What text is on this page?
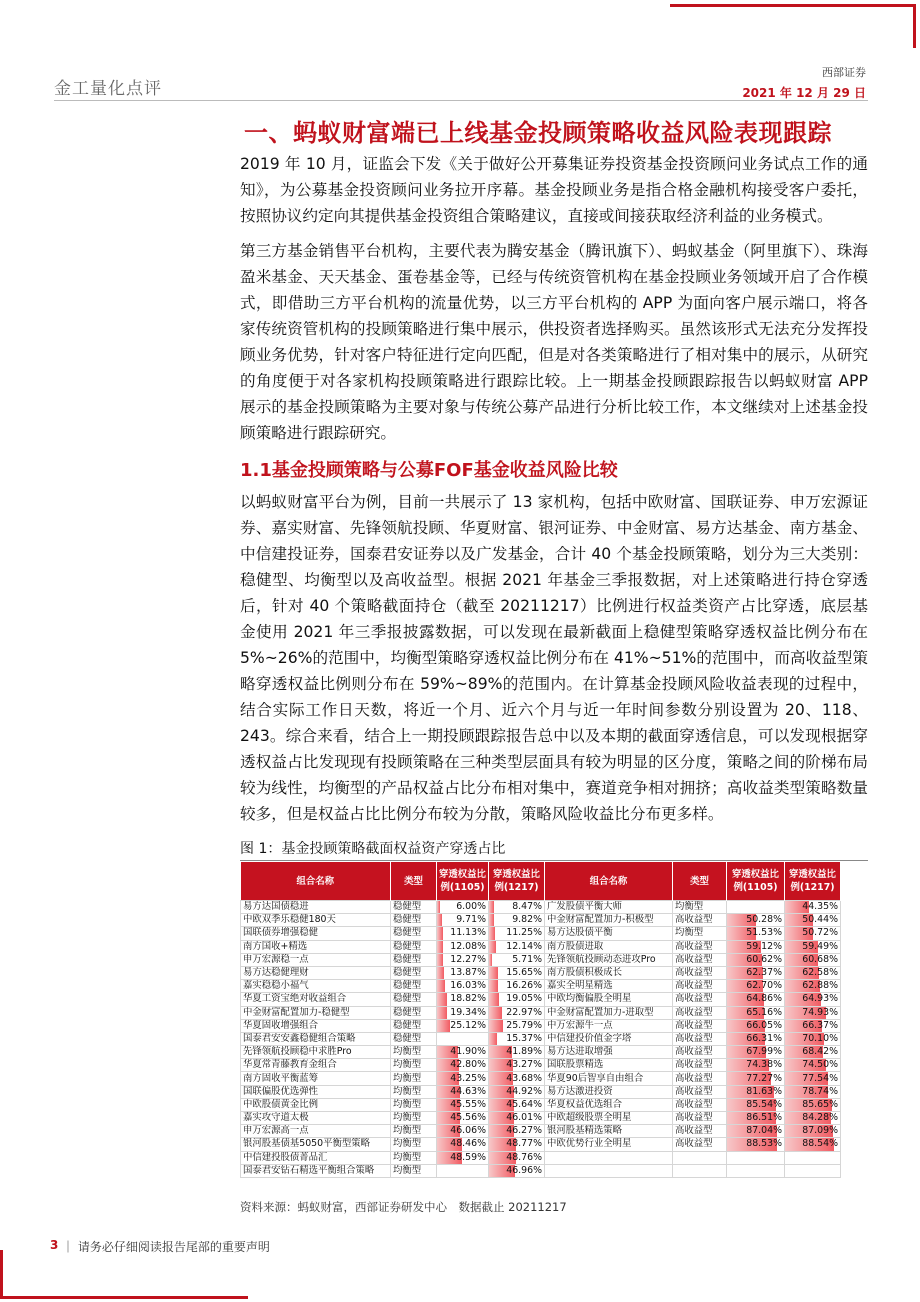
金工量化点评
西部证券
2021 年 12 月 29 日
一、蚂蚁财富端已上线基金投顾策略收益风险表现跟踪

2019 年 10 月，证监会下发《关于做好公开募集证券投资基金投资顾问业务试点工作的通知》，为公募基金投资顾问业务拉开序幕。基金投顾业务是指合格金融机构接受客户委托，按照协议约定向其提供基金投资组合策略建议，直接或间接获取经济利益的业务模式。

第三方基金销售平台机构，主要代表为腾安基金（腾讯旗下）、蚂蚁基金（阿里旗下）、珠海盈米基金、天天基金、蛋卷基金等，已经与传统资管机构在基金投顾业务领域开启了合作模式，即借助三方平台机构的流量优势，以三方平台机构的 APP 为面向客户展示端口，将各家传统资管机构的投顾策略进行集中展示，供投资者选择购买。虽然该形式无法充分发挥投顾业务优势，针对客户特征进行定向匹配，但是对各类策略进行了相对集中的展示，从研究的角度便于对各家机构投顾策略进行跟踪比较。上一期基金投顾跟踪报告以蚂蚁财富 APP 展示的基金投顾策略为主要对象与传统公募产品进行分析比较工作，本文继续对上述基金投顾策略进行跟踪研究。

1.1基金投顾策略与公募FOF基金收益风险比较

以蚂蚁财富平台为例，目前一共展示了 13 家机构，包括中欧财富、国联证券、申万宏源证券、嘉实财富、先锋领航投顾、华夏财富、银河证券、中金财富、易方达基金、南方基金、中信建投证券，国泰君安证券以及广发基金，合计 40 个基金投顾策略，划分为三大类别：稳健型、均衡型以及高收益型。根据 2021 年基金三季报数据，对上述策略进行持仓穿透后，针对 40 个策略截面持仓（截至 20211217）比例进行权益类资产占比穿透，底层基金使用 2021 年三季报披露数据，可以发现在最新截面上稳健型策略穿透权益比例分布在 5%~26%的范围中，均衡型策略穿透权益比例分布在 41%~51%的范围中，而高收益型策略穿透权益比例则分布在 59%~89%的范围内。在计算基金投顾风险收益表现的过程中，结合实际工作日天数，将近一个月、近六个月与近一年时间参数分别设置为 20、118、243。综合来看，结合上一期投顾跟踪报告总中以及本期的截面穿透信息，可以发现根据穿透权益占比发现现有投顾策略在三种类型层面具有较为明显的区分度，策略之间的阶梯布局较为线性，均衡型的产品权益占比分布相对集中，赛道竞争相对拥挤；高收益类型策略数量较多，但是权益占比比例分布较为分散，策略风险收益比分布更多样。

图 1：基金投顾策略截面权益资产穿透占比
组合名称	类型	穿透权益比例(1105)	穿透权益比例(1217)	组合名称	类型	穿透权益比例(1105)	穿透权益比例(1217)
易方达国债稳进	稳健型	6.00%	8.47%	广发股债平衡大师	均衡型		44.35%
中欧双季乐稳健180天	稳健型	9.71%	9.82%	中金财富配置加力-积极型	高收益型	50.28%	50.44%
国联债券增强稳健	稳健型	11.13%	11.25%	易方达股债平衡	均衡型	51.53%	50.72%
南方国收+精选	稳健型	12.08%	12.14%	南方股债进取	高收益型	59.12%	59.49%
申万宏源稳一点	稳健型	12.27%	5.71%	先锋领航投顾动态进攻Pro	高收益型	60.62%	60.68%
易方达稳健理财	稳健型	13.87%	15.65%	南方股债积极成长	高收益型	62.37%	62.58%
嘉实稳稳小福气	稳健型	16.03%	16.26%	嘉实全明星精选	高收益型	62.70%	62.88%
华夏工资宝绝对收益组合	稳健型	18.82%	19.05%	中欧均衡偏股全明星	高收益型	64.86%	64.93%
中金财富配置加力-稳健型	稳健型	19.34%	22.97%	中金财富配置加力-进取型	高收益型	65.16%	74.93%
华夏固收增强组合	稳健型	25.12%	25.79%	中万宏源牛一点	高收益型	66.05%	66.37%
国泰君安安鑫稳健组合策略	稳健型		15.37%	中信建投价值金字塔	高收益型	66.31%	70.10%
先锋领航投顾稳中求胜Pro	均衡型	41.90%	41.89%	易方达进取增强	高收益型	67.99%	68.42%
华夏常青藤教育金组合	均衡型	42.80%	43.27%	国联股票精选	高收益型	74.38%	74.50%
南方固收平衡蓝筹	均衡型	43.25%	43.68%	华夏90后智享自由组合	高收益型	77.27%	77.54%
国联偏股优选弹性	均衡型	44.63%	44.92%	易方达激进投资	高收益型	81.63%	78.74%
中欧股债黄金比例	均衡型	45.55%	45.64%	华夏权益优选组合	高收益型	85.54%	85.65%
嘉实攻守道太极	均衡型	45.56%	46.01%	中欧超级股票全明星	高收益型	86.51%	84.28%
申万宏源高一点	均衡型	46.06%	46.27%	银河股基精选策略	高收益型	87.04%	87.09%
银河股基债基5050平衡型策略	均衡型	48.46%	48.77%	中欧优势行业全明星	高收益型	88.53%	88.54%
中信建投股债菁品汇	均衡型	48.59%	48.76%				
国泰君安钻石精选平衡组合策略	均衡型		46.96%				
资料来源：蚂蚁财富，西部证券研发中心　数据截止 20211217
3 ｜ 请务必仔细阅读报告尾部的重要声明
